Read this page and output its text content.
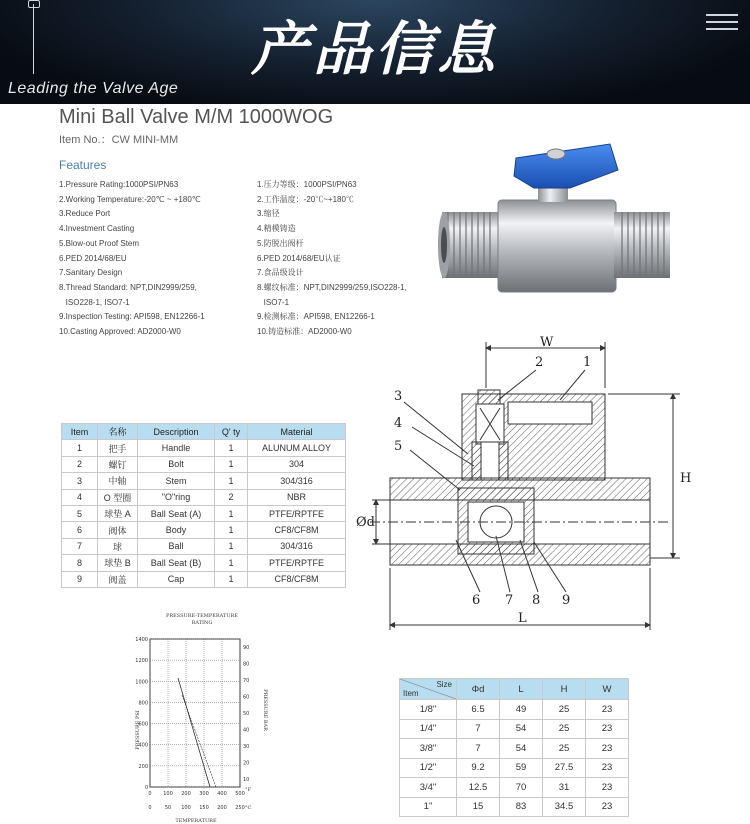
产品信息
Leading the Valve Age
Mini Ball Valve M/M 1000WOG
Item No.：CW MINI-MM
Features
1.Pressure Rating:1000PSI/PN63
2.Working Temperature:-20℃ ~ +180℃
3.Reduce Port
4.Investment Casting
5.Blow-out Proof Stem
6.PED 2014/68/EU
7.Sanitary Design
8.Thread Standard: NPT,DIN2999/259,
ISO228-1, ISO7-1
9.Inspection Testing: API598, EN12266-1
10.Casting Approved: AD2000-W0
1.压力等级：1000PSI/PN63
2.工作温度：-20℃~+180℃
3.缩径
4.精模铸造
5.防脱出阀杆
6.PED 2014/68/EU认证
7.食品级设计
8.螺纹标准：NPT,DIN2999/259,ISO228-1,
ISO7-1
9.检测标准：API598, EN12266-1
10.铸造标准：AD2000-W0
Item	名称	Description	Q' ty	Material
1	把手	Handle	1	ALUNUM ALLOY
2	螺钉	Bolt	1	304
3	中轴	Stem	1	304/316
4	O 型圈	"O"ring	2	NBR
5	球垫 A	Ball Seat (A)	1	PTFE/RPTFE
6	阀体	Body	1	CF8/CF8M
7	球	Ball	1	304/316
8	球垫 B	Ball Seat (B)	1	PTFE/RPTFE
9	阀盖	Cap	1	CF8/CF8M
W
H
L
Ød
1
2
3
4
5
6 7 8 9
PRESSURE-TEMPERATURE
RATING
1400
1200
1000
800
600
400
200
0
90
80
70
60
50
40
30
20
10
0 100 200 300 400 500
0	50 100 150 200 250
PRESSURE PSI	PRESSURE BAR
TEMPERATURE
°F
°C
Size
Item	Φd	L	H	W
1/8"	6.5	49	25	23
1/4"	7	54	25	23
3/8"	7	54	25	23
1/2"	9.2	59	27.5	23
3/4"	12.5	70	31	23
1"	15	83	34.5	23
